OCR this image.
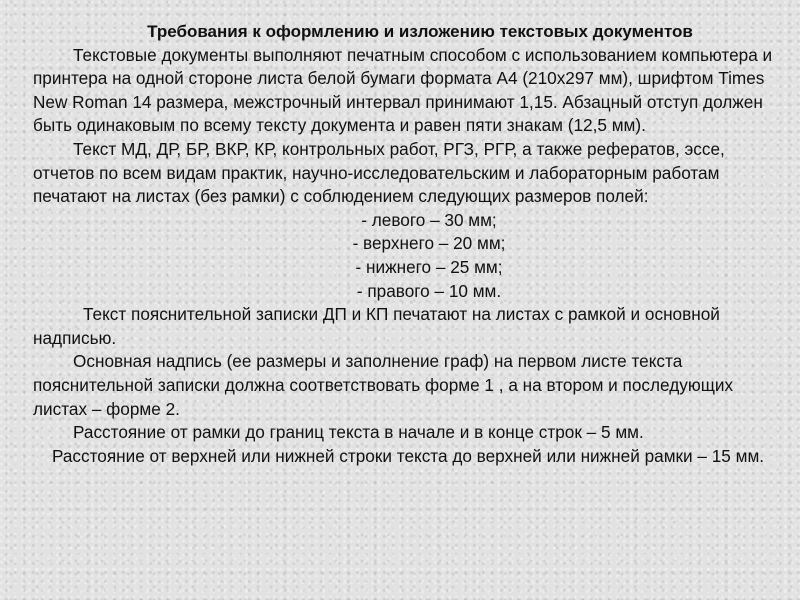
Требования к оформлению и изложению текстовых документов

Текстовые документы выполняют печатным способом с использованием компьютера и принтера на одной стороне листа белой бумаги формата А4 (210х297 мм), шрифтом Times New Roman 14 размера, межстрочный интервал принимают 1,15. Абзацный отступ должен быть одинаковым по всему тексту документа и равен пяти знакам (12,5 мм).

Текст МД, ДР, БР, ВКР, КР, контрольных работ, РГЗ, РГР, а также рефератов, эссе, отчетов по всем видам практик, научно-исследовательским и лабораторным работам печатают на листах (без рамки) с соблюдением следующих размеров полей:

- левого – 30 мм;
- верхнего – 20 мм;
- нижнего – 25 мм;
- правого – 10 мм.

Текст пояснительной записки ДП и КП печатают на листах с рамкой и основной надписью.

Основная надпись (ее размеры и заполнение граф) на первом листе текста пояснительной записки должна соответствовать форме 1 , а на втором и последующих листах – форме 2.

Расстояние от рамки до границ текста в начале и в конце строк – 5 мм.

Расстояние от верхней или нижней строки текста до верхней или нижней рамки – 15 мм.
